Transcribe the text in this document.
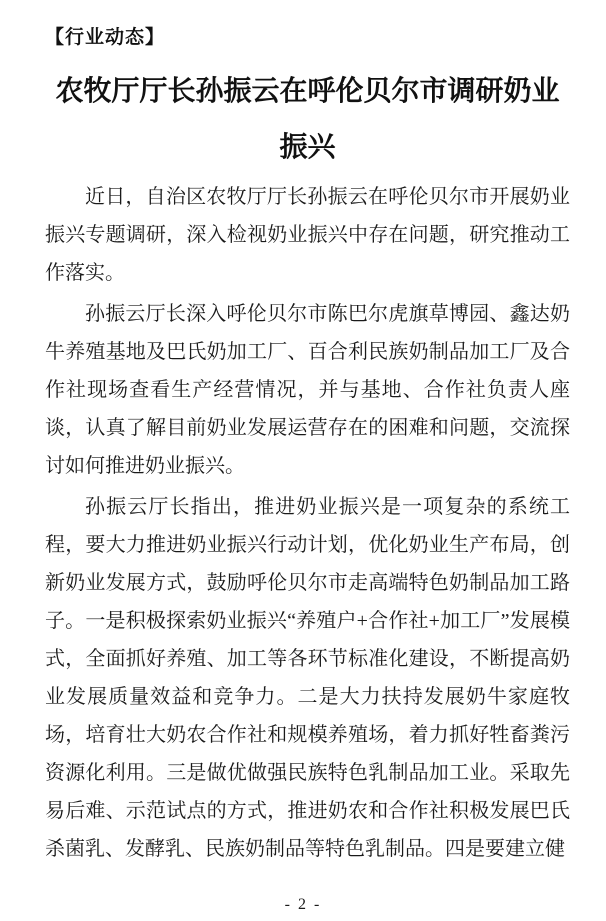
【行业动态】
农牧厅厅长孙振云在呼伦贝尔市调研奶业振兴

近日，自治区农牧厅厅长孙振云在呼伦贝尔市开展奶业振兴专题调研，深入检视奶业振兴中存在问题，研究推动工作落实。

孙振云厅长深入呼伦贝尔市陈巴尔虎旗草博园、鑫达奶牛养殖基地及巴氏奶加工厂、百合利民族奶制品加工厂及合作社现场查看生产经营情况，并与基地、合作社负责人座谈，认真了解目前奶业发展运营存在的困难和问题，交流探讨如何推进奶业振兴。

孙振云厅长指出，推进奶业振兴是一项复杂的系统工程，要大力推进奶业振兴行动计划，优化奶业生产布局，创新奶业发展方式，鼓励呼伦贝尔市走高端特色奶制品加工路子。一是积极探索奶业振兴“养殖户+合作社+加工厂”发展模式，全面抓好养殖、加工等各环节标准化建设，不断提高奶业发展质量效益和竞争力。二是大力扶持发展奶牛家庭牧场，培育壮大奶农合作社和规模养殖场，着力抓好牲畜粪污资源化利用。三是做优做强民族特色乳制品加工业。采取先易后难、示范试点的方式，推进奶农和合作社积极发展巴氏杀菌乳、发酵乳、民族奶制品等特色乳制品。四是要建立健

- 2 -
